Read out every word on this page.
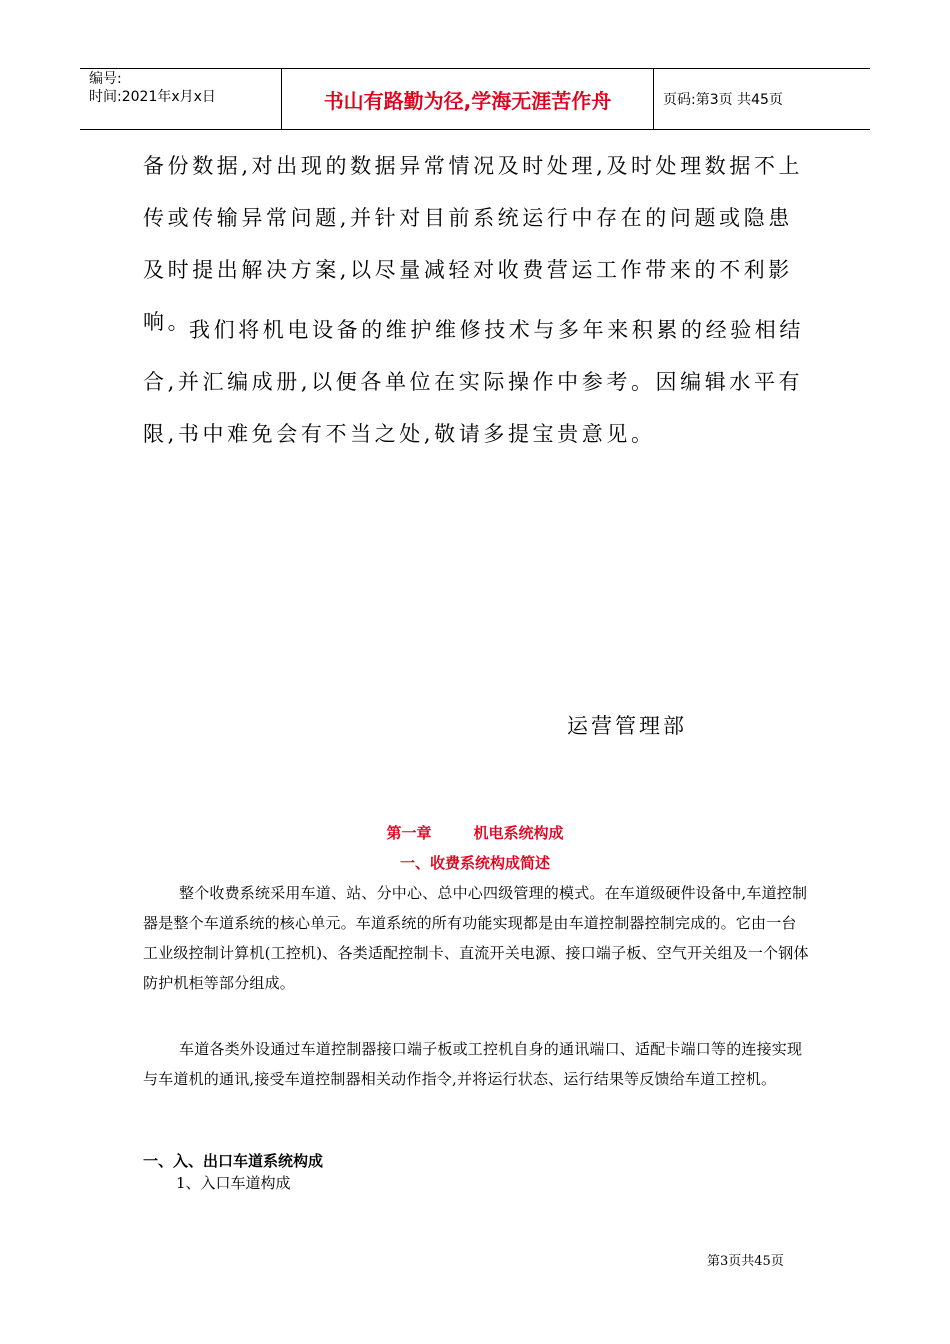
编号:
时间:2021年x月x日	书山有路勤为径,学海无涯苦作舟	页码:第3页 共45页

备份数据,对出现的数据异常情况及时处理,及时处理数据不上传或传输异常问题,并针对目前系统运行中存在的问题或隐患及时提出解决方案,以尽量减轻对收费营运工作带来的不利影响。

我们将机电设备的维护维修技术与多年来积累的经验相结合,并汇编成册,以便各单位在实际操作中参考。因编辑水平有限,书中难免会有不当之处,敬请多提宝贵意见。

运营管理部
第一章	机电系统构成
一、收费系统构成简述

整个收费系统采用车道、站、分中心、总中心四级管理的模式。在车道级硬件设备中,车道控制器是整个车道系统的核心单元。车道系统的所有功能实现都是由车道控制器控制完成的。它由一台工业级控制计算机(工控机)、各类适配控制卡、直流开关电源、接口端子板、空气开关组及一个钢体防护机柜等部分组成。

车道各类外设通过车道控制器接口端子板或工控机自身的通讯端口、适配卡端口等的连接实现与车道机的通讯,接受车道控制器相关动作指令,并将运行状态、运行结果等反馈给车道工控机。

一、入、出口车道系统构成
1、入口车道构成
第3页共45页
